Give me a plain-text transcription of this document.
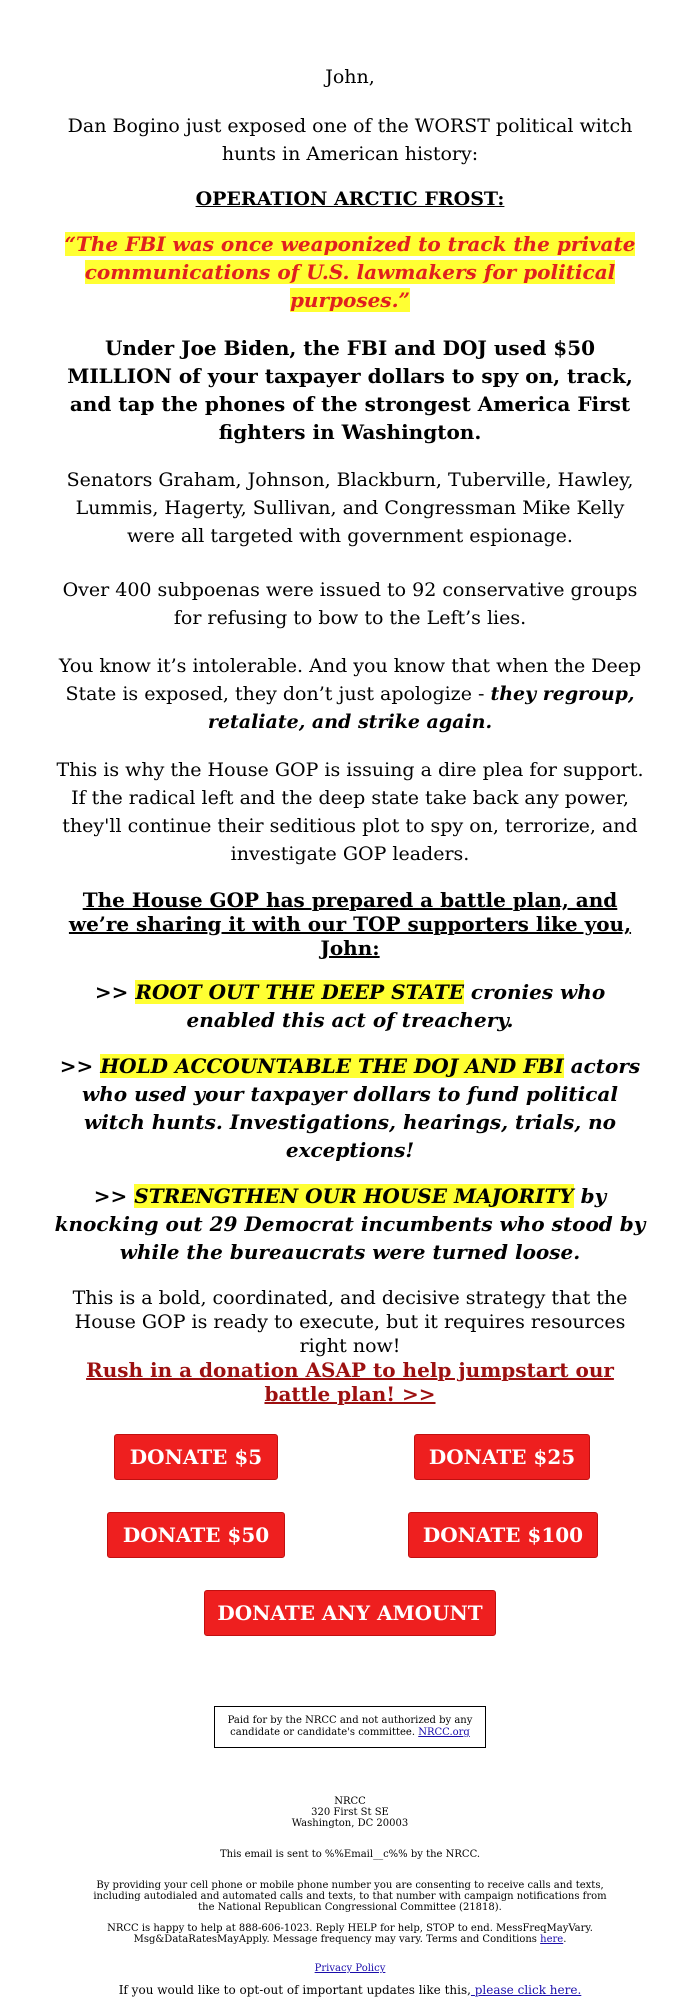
John,

Dan Bogino just exposed one of the WORST political witch hunts in American history:

OPERATION ARCTIC FROST:

“The FBI was once weaponized to track the private communications of U.S. lawmakers for political purposes.”

Under Joe Biden, the FBI and DOJ used $50 MILLION of your taxpayer dollars to spy on, track, and tap the phones of the strongest America First fighters in Washington.

Senators Graham, Johnson, Blackburn, Tuberville, Hawley, Lummis, Hagerty, Sullivan, and Congressman Mike Kelly were all targeted with government espionage.

Over 400 subpoenas were issued to 92 conservative groups for refusing to bow to the Left’s lies.

You know it’s intolerable. And you know that when the Deep State is exposed, they don’t just apologize - they regroup, retaliate, and strike again.

This is why the House GOP is issuing a dire plea for support. If the radical left and the deep state take back any power, they'll continue their seditious plot to spy on, terrorize, and investigate GOP leaders.

The House GOP has prepared a battle plan, and we’re sharing it with our TOP supporters like you, John:

>> ROOT OUT THE DEEP STATE cronies who enabled this act of treachery.

>> HOLD ACCOUNTABLE THE DOJ AND FBI actors who used your taxpayer dollars to fund political witch hunts. Investigations, hearings, trials, no exceptions!

>> STRENGTHEN OUR HOUSE MAJORITY by knocking out 29 Democrat incumbents who stood by while the bureaucrats were turned loose.

This is a bold, coordinated, and decisive strategy that the House GOP is ready to execute, but it requires resources right now!

Rush in a donation ASAP to help jumpstart our battle plan! >>

DONATE $5	DONATE $25
DONATE $50	DONATE $100
DONATE ANY AMOUNT
Paid for by the NRCC and not authorized by any candidate or candidate's committee. NRCC.org
NRCC
320 First St SE
Washington, DC 20003

This email is sent to %%Email__c%% by the NRCC.

By providing your cell phone or mobile phone number you are consenting to receive calls and texts, including autodialed and automated calls and texts, to that number with campaign notifications from the National Republican Congressional Committee (21818).

NRCC is happy to help at 888-606-1023. Reply HELP for help, STOP to end. MessFreqMayVary. Msg&DataRatesMayApply. Message frequency may vary. Terms and Conditions here.

Privacy Policy

If you would like to opt-out of important updates like this, please click here.
